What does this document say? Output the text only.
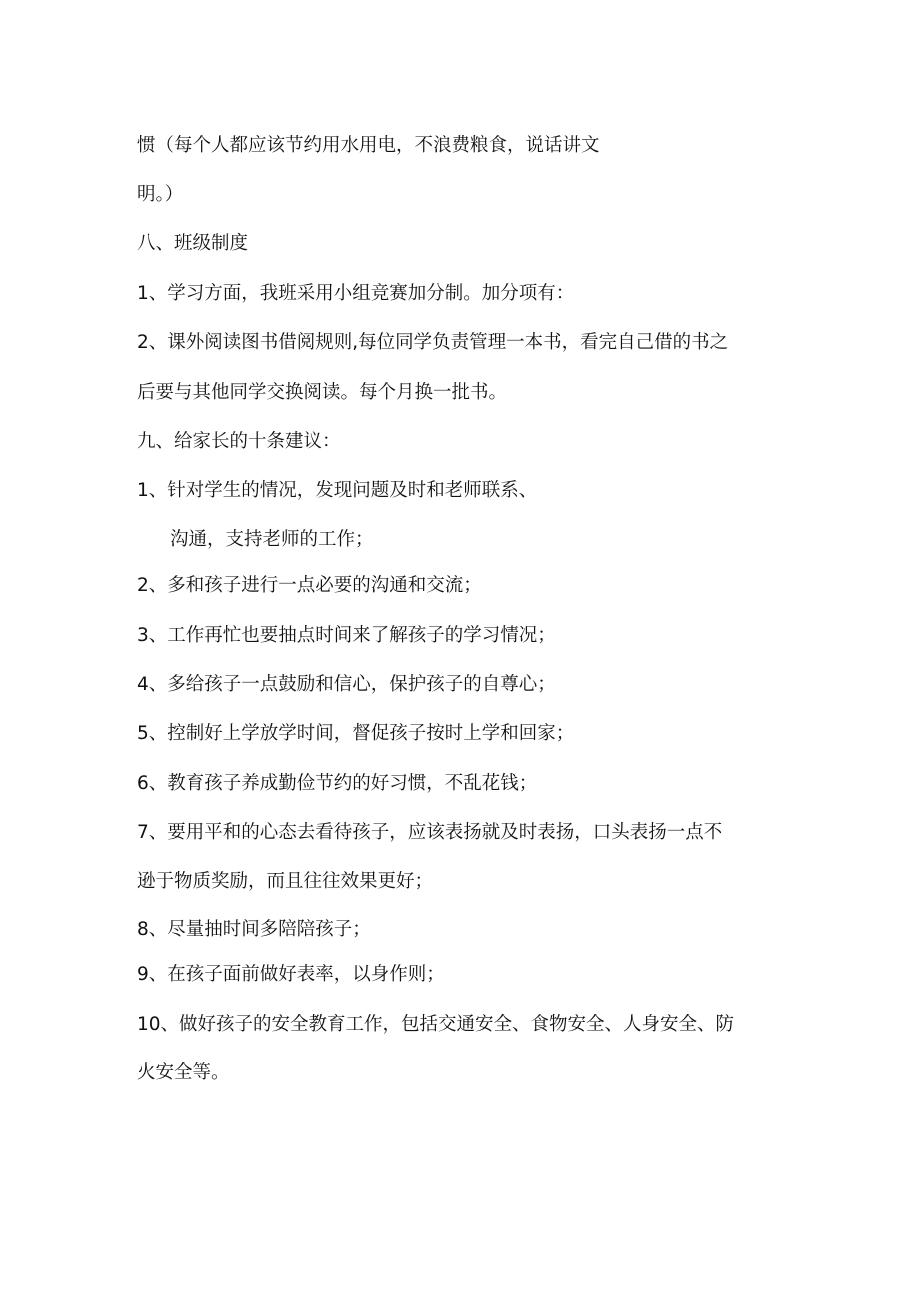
惯（每个人都应该节约用水用电，不浪费粮食，说话讲文

明。）

八、班级制度

1、学习方面，我班采用小组竞赛加分制。加分项有：

2、课外阅读图书借阅规则,每位同学负责管理一本书，看完自己借的书之

后要与其他同学交换阅读。每个月换一批书。

九、给家长的十条建议：

1、针对学生的情况，发现问题及时和老师联系、

沟通，支持老师的工作；

2、多和孩子进行一点必要的沟通和交流；

3、工作再忙也要抽点时间来了解孩子的学习情况；

4、多给孩子一点鼓励和信心，保护孩子的自尊心；

5、控制好上学放学时间，督促孩子按时上学和回家；

6、教育孩子养成勤俭节约的好习惯，不乱花钱；

7、要用平和的心态去看待孩子，应该表扬就及时表扬，口头表扬一点不

逊于物质奖励，而且往往效果更好；

8、尽量抽时间多陪陪孩子；

9、在孩子面前做好表率，以身作则；

10、做好孩子的安全教育工作，包括交通安全、食物安全、人身安全、防

火安全等。
